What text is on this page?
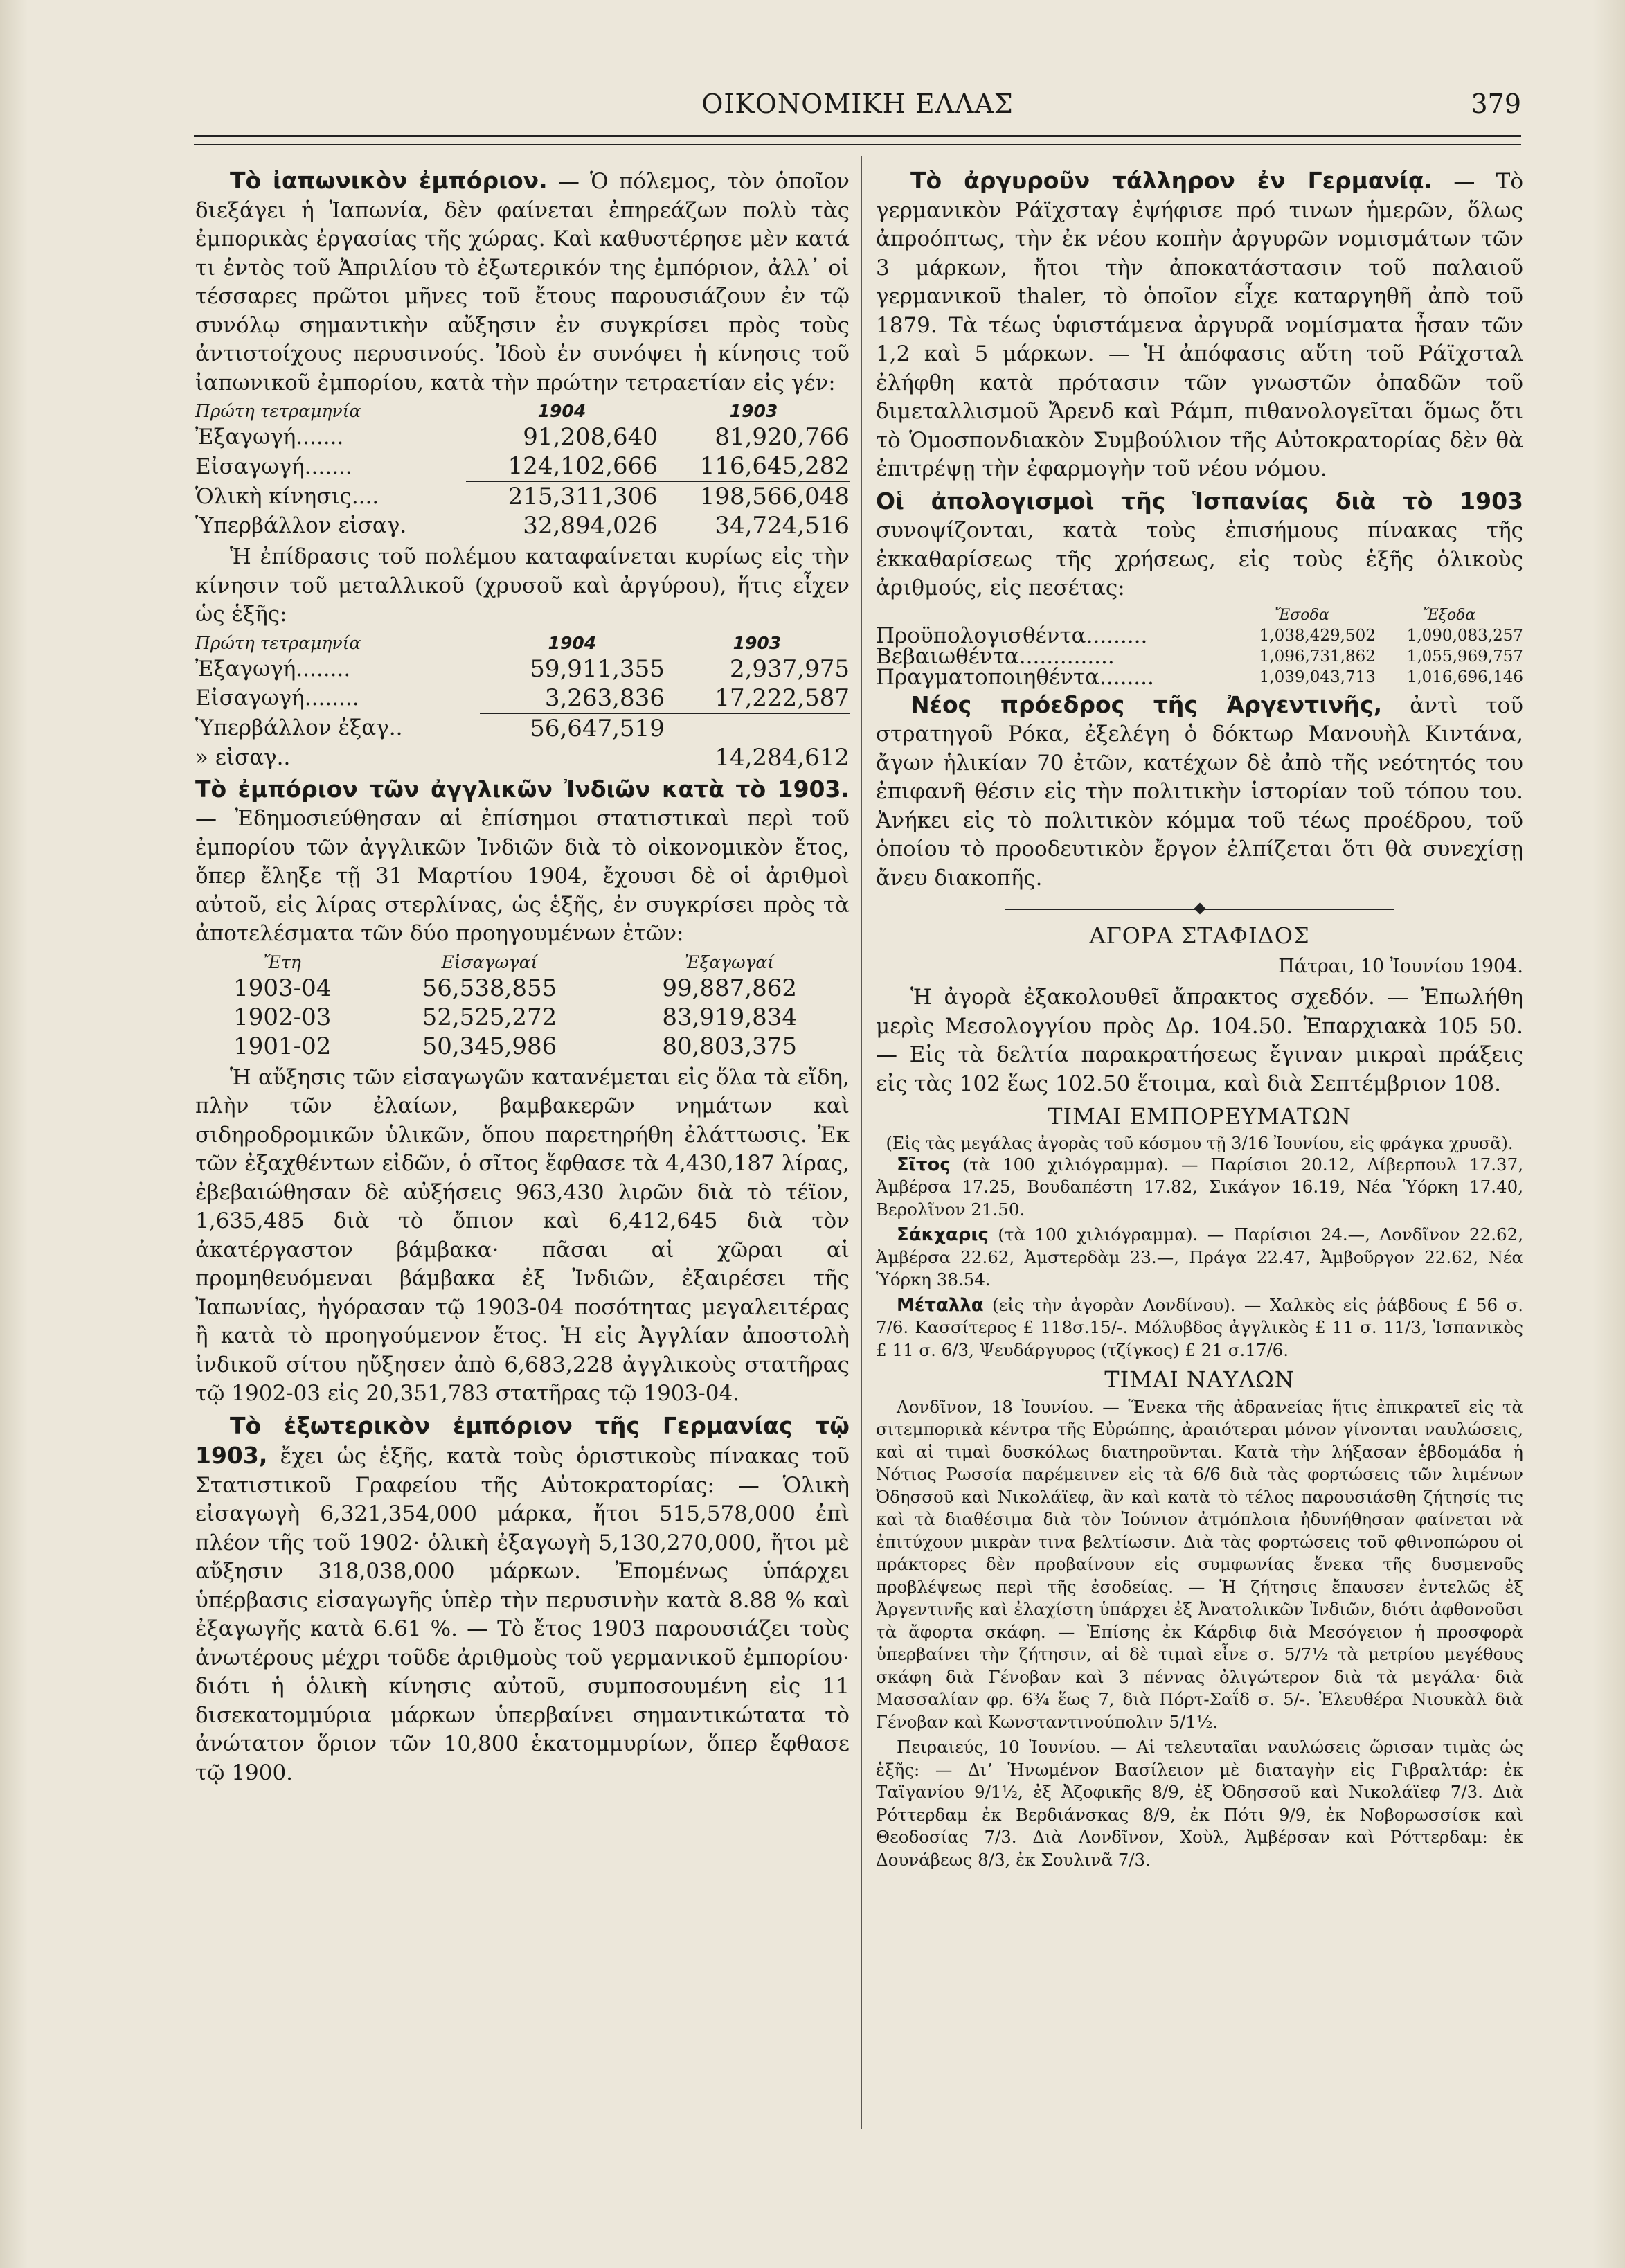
ΟΙΚΟΝΟΜΙΚΗ ΕΛΛΑΣ	379

Τὸ ἰαπωνικὸν ἐμπόριον. — Ὁ πόλεμος, τὸν ὁποῖον διεξάγει ἡ Ἰαπωνία, δὲν φαίνεται ἐπηρεάζων πολὺ τὰς ἐμπορικὰς ἐργασίας τῆς χώρας. Καὶ καθυστέρησε μὲν κατά τι ἐντὸς τοῦ Ἀπριλίου τὸ ἐξωτερικόν της ἐμπόριον, ἀλλ᾽ οἱ τέσσαρες πρῶτοι μῆνες τοῦ ἔτους παρουσιάζουν ἐν τῷ συνόλῳ σημαντικὴν αὔξησιν ἐν συγκρίσει πρὸς τοὺς ἀντιστοίχους περυσινούς. Ἰδοὺ ἐν συνόψει ἡ κίνησις τοῦ ἰαπωνικοῦ ἐμπορίου, κατὰ τὴν πρώτην τετραετίαν εἰς γέν:

Πρώτη τετραμηνία	1904	1903
Ἐξαγωγή.......	91,208,640	81,920,766
Εἰσαγωγή.......	124,102,666	116,645,282
Ὁλικὴ κίνησις....	215,311,306	198,566,048
Ὑπερβάλλον εἰσαγ.	32,894,026	34,724,516

Ἡ ἐπίδρασις τοῦ πολέμου καταφαίνεται κυρίως εἰς τὴν κίνησιν τοῦ μεταλλικοῦ (χρυσοῦ καὶ ἀργύρου), ἥτις εἶχεν ὡς ἑξῆς:

Πρώτη τετραμηνία	1904	1903
Ἐξαγωγή........	59,911,355	2,937,975
Εἰσαγωγή........	3,263,836	17,222,587
Ὑπερβάλλον ἐξαγ..	56,647,519	
» εἰσαγ..		14,284,612

Τὸ ἐμπόριον τῶν ἀγγλικῶν Ἰνδιῶν κατὰ τὸ 1903. — Ἐδημοσιεύθησαν αἱ ἐπίσημοι στατιστικαὶ περὶ τοῦ ἐμπορίου τῶν ἀγγλικῶν Ἰνδιῶν διὰ τὸ οἰκονομικὸν ἔτος, ὅπερ ἔληξε τῇ 31 Μαρτίου 1904, ἔχουσι δὲ οἱ ἀριθμοὶ αὐτοῦ, εἰς λίρας στερλίνας, ὡς ἑξῆς, ἐν συγκρίσει πρὸς τὰ ἀποτελέσματα τῶν δύο προηγουμένων ἐτῶν:

Ἔτη	Εἰσαγωγαί	Ἐξαγωγαί
1903-04	56,538,855	99,887,862
1902-03	52,525,272	83,919,834
1901-02	50,345,986	80,803,375

Ἡ αὔξησις τῶν εἰσαγωγῶν κατανέμεται εἰς ὅλα τὰ εἴδη, πλὴν τῶν ἐλαίων, βαμβακερῶν νημάτων καὶ σιδηροδρομικῶν ὑλικῶν, ὅπου παρετηρήθη ἐλάττωσις. Ἐκ τῶν ἐξαχθέντων εἰδῶν, ὁ σῖτος ἔφθασε τὰ 4,430,187 λίρας, ἐβεβαιώθησαν δὲ αὐξήσεις 963,430 λιρῶν διὰ τὸ τέϊον, 1,635,485 διὰ τὸ ὄπιον καὶ 6,412,645 διὰ τὸν ἀκατέργαστον βάμβακα· πᾶσαι αἱ χῶραι αἱ προμηθευόμεναι βάμβακα ἐξ Ἰνδιῶν, ἐξαιρέσει τῆς Ἰαπωνίας, ἠγόρασαν τῷ 1903-04 ποσότητας μεγαλειτέρας ἢ κατὰ τὸ προηγούμενον ἔτος. Ἡ εἰς Ἀγγλίαν ἀποστολὴ ἰνδικοῦ σίτου ηὔξησεν ἀπὸ 6,683,228 ἀγγλικοὺς στατῆρας τῷ 1902-03 εἰς 20,351,783 στατῆρας τῷ 1903-04.

Τὸ ἐξωτερικὸν ἐμπόριον τῆς Γερμανίας τῷ 1903, ἔχει ὡς ἑξῆς, κατὰ τοὺς ὁριστικοὺς πίνακας τοῦ Στατιστικοῦ Γραφείου τῆς Αὐτοκρατορίας: — Ὁλικὴ εἰσαγωγὴ 6,321,354,000 μάρκα, ἤτοι 515,578,000 ἐπὶ πλέον τῆς τοῦ 1902· ὁλικὴ ἐξαγωγὴ 5,130,270,000, ἤτοι μὲ αὔξησιν 318,038,000 μάρκων. Ἐπομένως ὑπάρχει ὑπέρβασις εἰσαγωγῆς ὑπὲρ τὴν περυσινὴν κατὰ 8.88 % καὶ ἐξαγωγῆς κατὰ 6.61 %. — Τὸ ἔτος 1903 παρουσιάζει τοὺς ἀνωτέρους μέχρι τοῦδε ἀριθμοὺς τοῦ γερμανικοῦ ἐμπορίου· διότι ἡ ὁλικὴ κίνησις αὐτοῦ, συμποσουμένη εἰς 11 δισεκατομμύρια μάρκων ὑπερβαίνει σημαντικώτατα τὸ ἀνώτατον ὅριον τῶν 10,800 ἑκατομμυρίων, ὅπερ ἔφθασε τῷ 1900.

Τὸ ἀργυροῦν τάλληρον ἐν Γερμανίᾳ. — Τὸ γερμανικὸν Ράϊχσταγ ἐψήφισε πρό τινων ἡμερῶν, ὅλως ἀπροόπτως, τὴν ἐκ νέου κοπὴν ἀργυρῶν νομισμάτων τῶν 3 μάρκων, ἤτοι τὴν ἀποκατάστασιν τοῦ παλαιοῦ γερμανικοῦ thaler, τὸ ὁποῖον εἶχε καταργηθῆ ἀπὸ τοῦ 1879. Τὰ τέως ὑφιστάμενα ἀργυρᾶ νομίσματα ἦσαν τῶν 1,2 καὶ 5 μάρκων. — Ἡ ἀπόφασις αὕτη τοῦ Ράϊχσταλ ἐλήφθη κατὰ πρότασιν τῶν γνωστῶν ὀπαδῶν τοῦ διμεταλλισμοῦ Ἄρενδ καὶ Ράμπ, πιθανολογεῖται ὅμως ὅτι τὸ Ὁμοσπονδιακὸν Συμβούλιον τῆς Αὐτοκρατορίας δὲν θὰ ἐπιτρέψῃ τὴν ἐφαρμογὴν τοῦ νέου νόμου.

Οἱ ἀπολογισμοὶ τῆς Ἱσπανίας διὰ τὸ 1903 συνοψίζονται, κατὰ τοὺς ἐπισήμους πίνακας τῆς ἐκκαθαρίσεως τῆς χρήσεως, εἰς τοὺς ἑξῆς ὁλικοὺς ἀριθμούς, εἰς πεσέτας:

	Ἔσοδα	Ἔξοδα
Προϋπολογισθέντα.........	1,038,429,502	1,090,083,257
Βεβαιωθέντα..............	1,096,731,862	1,055,969,757
Πραγματοποιηθέντα........	1,039,043,713	1,016,696,146

Νέος πρόεδρος τῆς Ἀργεντινῆς, ἀντὶ τοῦ στρατηγοῦ Ρόκα, ἐξελέγη ὁ δόκτωρ Μανουὴλ Κιντάνα, ἄγων ἡλικίαν 70 ἐτῶν, κατέχων δὲ ἀπὸ τῆς νεότητός του ἐπιφανῆ θέσιν εἰς τὴν πολιτικὴν ἱστορίαν τοῦ τόπου του. Ἀνήκει εἰς τὸ πολιτικὸν κόμμα τοῦ τέως προέδρου, τοῦ ὁποίου τὸ προοδευτικὸν ἔργον ἐλπίζεται ὅτι θὰ συνεχίσῃ ἄνευ διακοπῆς.

ΑΓΟΡΑ ΣΤΑΦΙΔΟΣ
Πάτραι, 10 Ἰουνίου 1904.

Ἡ ἀγορὰ ἐξακολουθεῖ ἄπρακτος σχεδόν. — Ἐπωλήθη μερὶς Μεσολογγίου πρὸς Δρ. 104.50. Ἐπαρχιακὰ 105 50. — Εἰς τὰ δελτία παρακρατήσεως ἔγιναν μικραὶ πράξεις εἰς τὰς 102 ἕως 102.50 ἕτοιμα, καὶ διὰ Σεπτέμβριον 108.

ΤΙΜΑΙ ΕΜΠΟΡΕΥΜΑΤΩΝ
(Εἰς τὰς μεγάλας ἀγορὰς τοῦ κόσμου τῇ 3/16 Ἰουνίου, εἰς φράγκα χρυσᾶ).

Σῖτος (τὰ 100 χιλιόγραμμα). — Παρίσιοι 20.12, Λίβερπουλ 17.37, Ἀμβέρσα 17.25, Βουδαπέστη 17.82, Σικάγον 16.19, Νέα Ὑόρκη 17.40, Βερολῖνον 21.50.

Σάκχαρις (τὰ 100 χιλιόγραμμα). — Παρίσιοι 24.—, Λονδῖνον 22.62, Ἀμβέρσα 22.62, Ἀμστερδὰμ 23.—, Πράγα 22.47, Ἀμβοῦργον 22.62, Νέα Ὑόρκη 38.54.

Μέταλλα (εἰς τὴν ἀγορὰν Λονδίνου). — Χαλκὸς εἰς ῥάβδους £ 56 σ. 7/6. Κασσίτερος £ 118σ.15/-. Μόλυβδος ἀγγλικὸς £ 11 σ. 11/3, Ἱσπανικὸς £ 11 σ. 6/3, Ψευδάργυρος (τζίγκος) £ 21 σ.17/6.

ΤΙΜΑΙ ΝΑΥΛΩΝ

Λονδῖνον, 18 Ἰουνίου. — Ἕνεκα τῆς ἀδρανείας ἥτις ἐπικρατεῖ εἰς τὰ σιτεμπορικὰ κέντρα τῆς Εὐρώπης, ἀραιότεραι μόνον γίνονται ναυλώσεις, καὶ αἱ τιμαὶ δυσκόλως διατηροῦνται. Κατὰ τὴν λήξασαν ἑβδομάδα ἡ Νότιος Ρωσσία παρέμεινεν εἰς τὰ 6/6 διὰ τὰς φορτώσεις τῶν λιμένων Ὀδησσοῦ καὶ Νικολάϊεφ, ἂν καὶ κατὰ τὸ τέλος παρουσιάσθη ζήτησίς τις καὶ τὰ διαθέσιμα διὰ τὸν Ἰούνιον ἀτμόπλοια ἠδυνήθησαν φαίνεται νὰ ἐπιτύχουν μικρὰν τινα βελτίωσιν. Διὰ τὰς φορτώσεις τοῦ φθινοπώρου οἱ πράκτορες δὲν προβαίνουν εἰς συμφωνίας ἕνεκα τῆς δυσμενοῦς προβλέψεως περὶ τῆς ἐσοδείας. — Ἡ ζήτησις ἔπαυσεν ἐντελῶς ἐξ Ἀργεντινῆς καὶ ἐλαχίστη ὑπάρχει ἐξ Ἀνατολικῶν Ἰνδιῶν, διότι ἀφθονοῦσι τὰ ἄφορτα σκάφη. — Ἐπίσης ἐκ Κάρδιφ διὰ Μεσόγειον ἡ προσφορὰ ὑπερβαίνει τὴν ζήτησιν, αἱ δὲ τιμαὶ εἶνε σ. 5/7½ τὰ μετρίου μεγέθους σκάφη διὰ Γένοβαν καὶ 3 πέννας ὀλιγώτερον διὰ τὰ μεγάλα· διὰ Μασσαλίαν φρ. 6¾ ἕως 7, διὰ Πόρτ-Σαΐδ σ. 5/-. Ἐλευθέρα Νιουκὰλ διὰ Γένοβαν καὶ Κωνσταντινούπολιν 5/1½.

Πειραιεύς, 10 Ἰουνίου. — Αἱ τελευταῖαι ναυλώσεις ὥρισαν τιμὰς ὡς ἑξῆς: — Διʼ Ἡνωμένον Βασίλειον μὲ διαταγὴν εἰς Γιβραλτάρ: ἐκ Ταϊγανίου 9/1½, ἐξ Ἀζοφικῆς 8/9, ἐξ Ὀδησσοῦ καὶ Νικολάϊεφ 7/3. Διὰ Ρόττερδαμ ἐκ Βερδιάνσκας 8/9, ἐκ Πότι 9/9, ἐκ Νοβορωσσίσκ καὶ Θεοδοσίας 7/3. Διὰ Λονδῖνον, Χοὺλ, Ἀμβέρσαν καὶ Ρόττερδαμ: ἐκ Δουνάβεως 8/3, ἐκ Σουλινᾶ 7/3.
